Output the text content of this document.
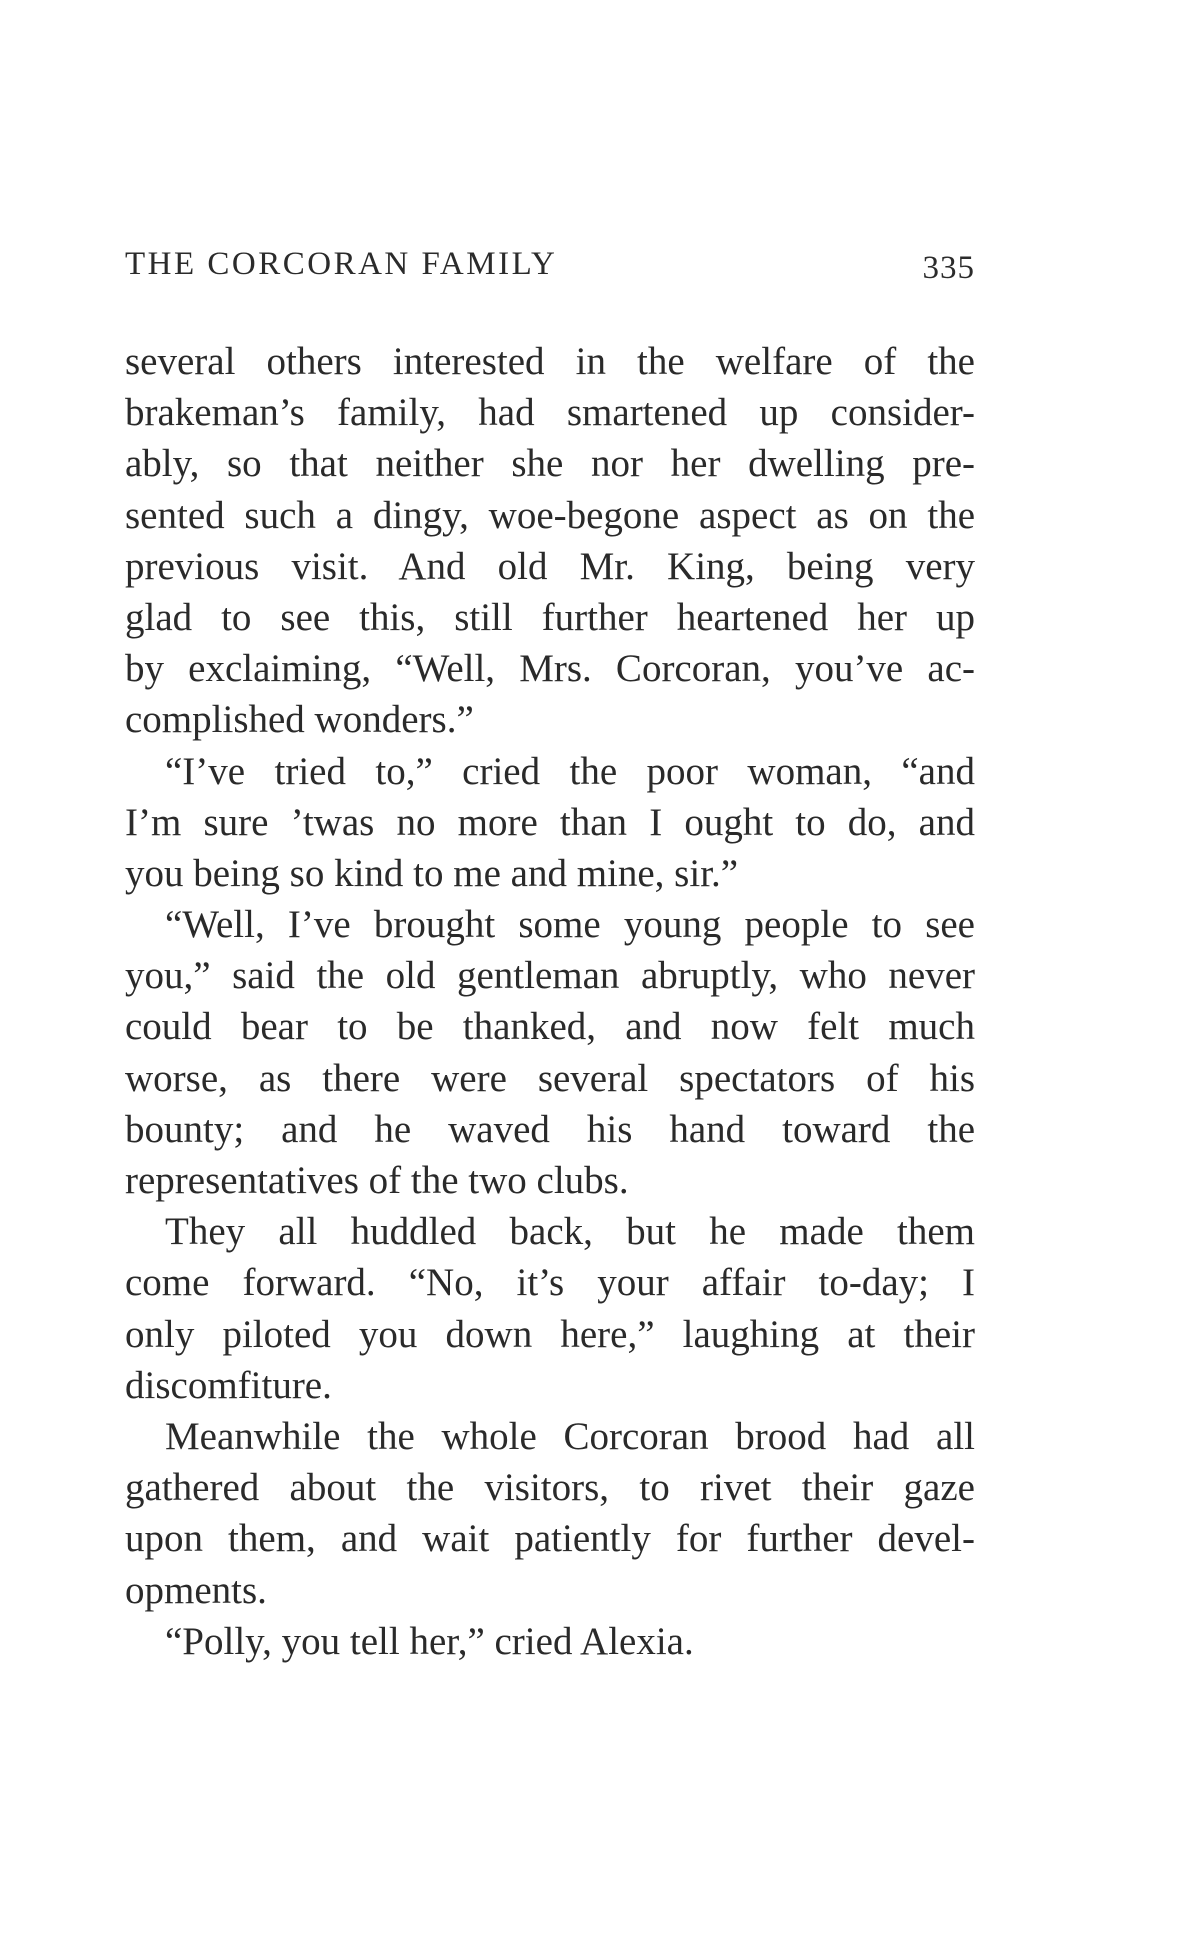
THE CORCORAN FAMILY	335
several others interested in the welfare of the
brakeman’s family, had smartened up consider-
ably, so that neither she nor her dwelling pre-
sented such a dingy, woe-begone aspect as on the
previous visit. And old Mr. King, being very
glad to see this, still further heartened her up
by exclaiming, “Well, Mrs. Corcoran, you’ve ac-
complished wonders.”
“I’ve tried to,” cried the poor woman, “and
I’m sure ’twas no more than I ought to do, and
you being so kind to me and mine, sir.”
“Well, I’ve brought some young people to see
you,” said the old gentleman abruptly, who never
could bear to be thanked, and now felt much
worse, as there were several spectators of his
bounty; and he waved his hand toward the
representatives of the two clubs.
They all huddled back, but he made them
come forward. “No, it’s your affair to-day; I
only piloted you down here,” laughing at their
discomfiture.
Meanwhile the whole Corcoran brood had all
gathered about the visitors, to rivet their gaze
upon them, and wait patiently for further devel-
opments.
“Polly, you tell her,” cried Alexia.
